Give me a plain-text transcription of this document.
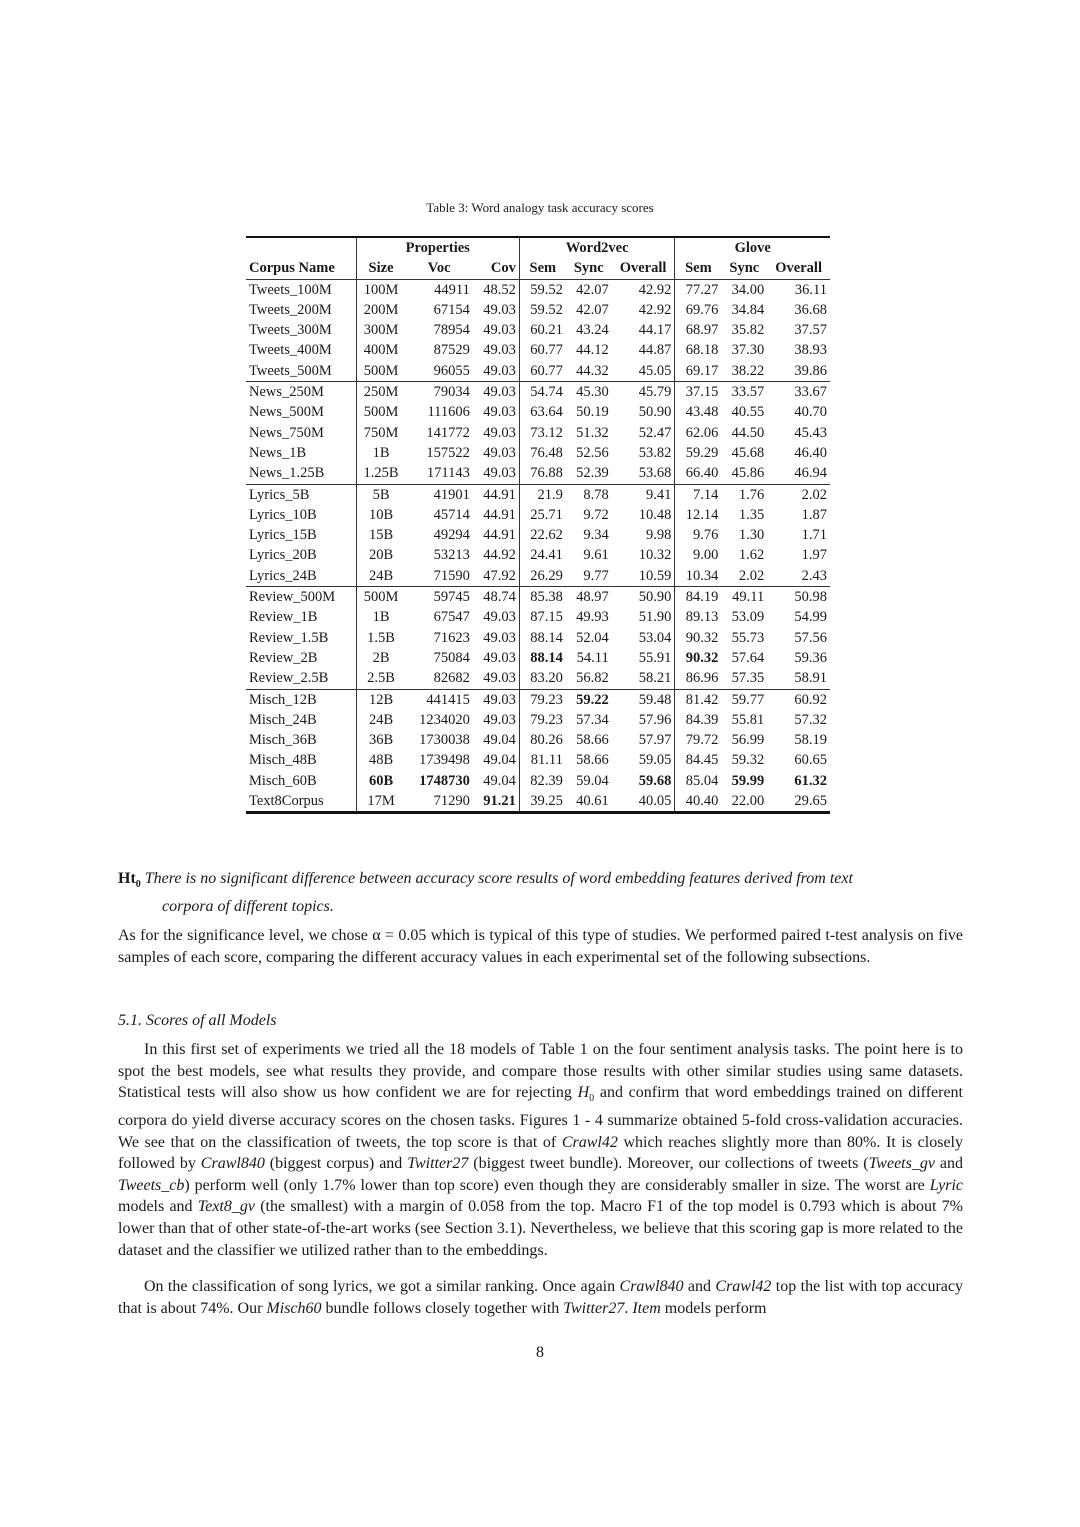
Table 3: Word analogy task accuracy scores
	Properties			Word2vec			Glove		
Corpus Name	Size	Voc	Cov	Sem	Sync	Overall	Sem	Sync	Overall
Tweets_100M	100M	44911	48.52	59.52	42.07	42.92	77.27	34.00	36.11
Tweets_200M	200M	67154	49.03	59.52	42.07	42.92	69.76	34.84	36.68
Tweets_300M	300M	78954	49.03	60.21	43.24	44.17	68.97	35.82	37.57
Tweets_400M	400M	87529	49.03	60.77	44.12	44.87	68.18	37.30	38.93
Tweets_500M	500M	96055	49.03	60.77	44.32	45.05	69.17	38.22	39.86
News_250M	250M	79034	49.03	54.74	45.30	45.79	37.15	33.57	33.67
News_500M	500M	111606	49.03	63.64	50.19	50.90	43.48	40.55	40.70
News_750M	750M	141772	49.03	73.12	51.32	52.47	62.06	44.50	45.43
News_1B	1B	157522	49.03	76.48	52.56	53.82	59.29	45.68	46.40
News_1.25B	1.25B	171143	49.03	76.88	52.39	53.68	66.40	45.86	46.94
Lyrics_5B	5B	41901	44.91	21.9	8.78	9.41	7.14	1.76	2.02
Lyrics_10B	10B	45714	44.91	25.71	9.72	10.48	12.14	1.35	1.87
Lyrics_15B	15B	49294	44.91	22.62	9.34	9.98	9.76	1.30	1.71
Lyrics_20B	20B	53213	44.92	24.41	9.61	10.32	9.00	1.62	1.97
Lyrics_24B	24B	71590	47.92	26.29	9.77	10.59	10.34	2.02	2.43
Review_500M	500M	59745	48.74	85.38	48.97	50.90	84.19	49.11	50.98
Review_1B	1B	67547	49.03	87.15	49.93	51.90	89.13	53.09	54.99
Review_1.5B	1.5B	71623	49.03	88.14	52.04	53.04	90.32	55.73	57.56
Review_2B	2B	75084	49.03	88.14	54.11	55.91	90.32	57.64	59.36
Review_2.5B	2.5B	82682	49.03	83.20	56.82	58.21	86.96	57.35	58.91
Misch_12B	12B	441415	49.03	79.23	59.22	59.48	81.42	59.77	60.92
Misch_24B	24B	1234020	49.03	79.23	57.34	57.96	84.39	55.81	57.32
Misch_36B	36B	1730038	49.04	80.26	58.66	57.97	79.72	56.99	58.19
Misch_48B	48B	1739498	49.04	81.11	58.66	59.05	84.45	59.32	60.65
Misch_60B	60B	1748730	49.04	82.39	59.04	59.68	85.04	59.99	61.32
Text8Corpus	17M	71290	91.21	39.25	40.61	40.05	40.40	22.00	29.65
$Ht_0$ There is no significant difference between accuracy score results of word embedding features derived from text
corpora of different topics.
As for the significance level, we chose α = 0.05 which is typical of this type of studies. We performed paired t-test analysis on five samples of each score, comparing the different accuracy values in each experimental set of the following subsections.
5.1. Scores of all Models
In this first set of experiments we tried all the 18 models of Table 1 on the four sentiment analysis tasks. The point here is to spot the best models, see what results they provide, and compare those results with other similar studies using same datasets. Statistical tests will also show us how confident we are for rejecting $H_0$ and confirm that word embeddings trained on different corpora do yield diverse accuracy scores on the chosen tasks. Figures 1 - 4 summarize obtained 5-fold cross-validation accuracies. We see that on the classification of tweets, the top score is that of Crawl42 which reaches slightly more than 80%. It is closely followed by Crawl840 (biggest corpus) and Twitter27 (biggest tweet bundle). Moreover, our collections of tweets (Tweets_gv and Tweets_cb) perform well (only 1.7% lower than top score) even though they are considerably smaller in size. The worst are Lyric models and Text8_gv (the smallest) with a margin of 0.058 from the top. Macro F1 of the top model is 0.793 which is about 7% lower than that of other state-of-the-art works (see Section 3.1). Nevertheless, we believe that this scoring gap is more related to the dataset and the classifier we utilized rather than to the embeddings.
On the classification of song lyrics, we got a similar ranking. Once again Crawl840 and Crawl42 top the list with top accuracy that is about 74%. Our Misch60 bundle follows closely together with Twitter27. Item models perform
8
